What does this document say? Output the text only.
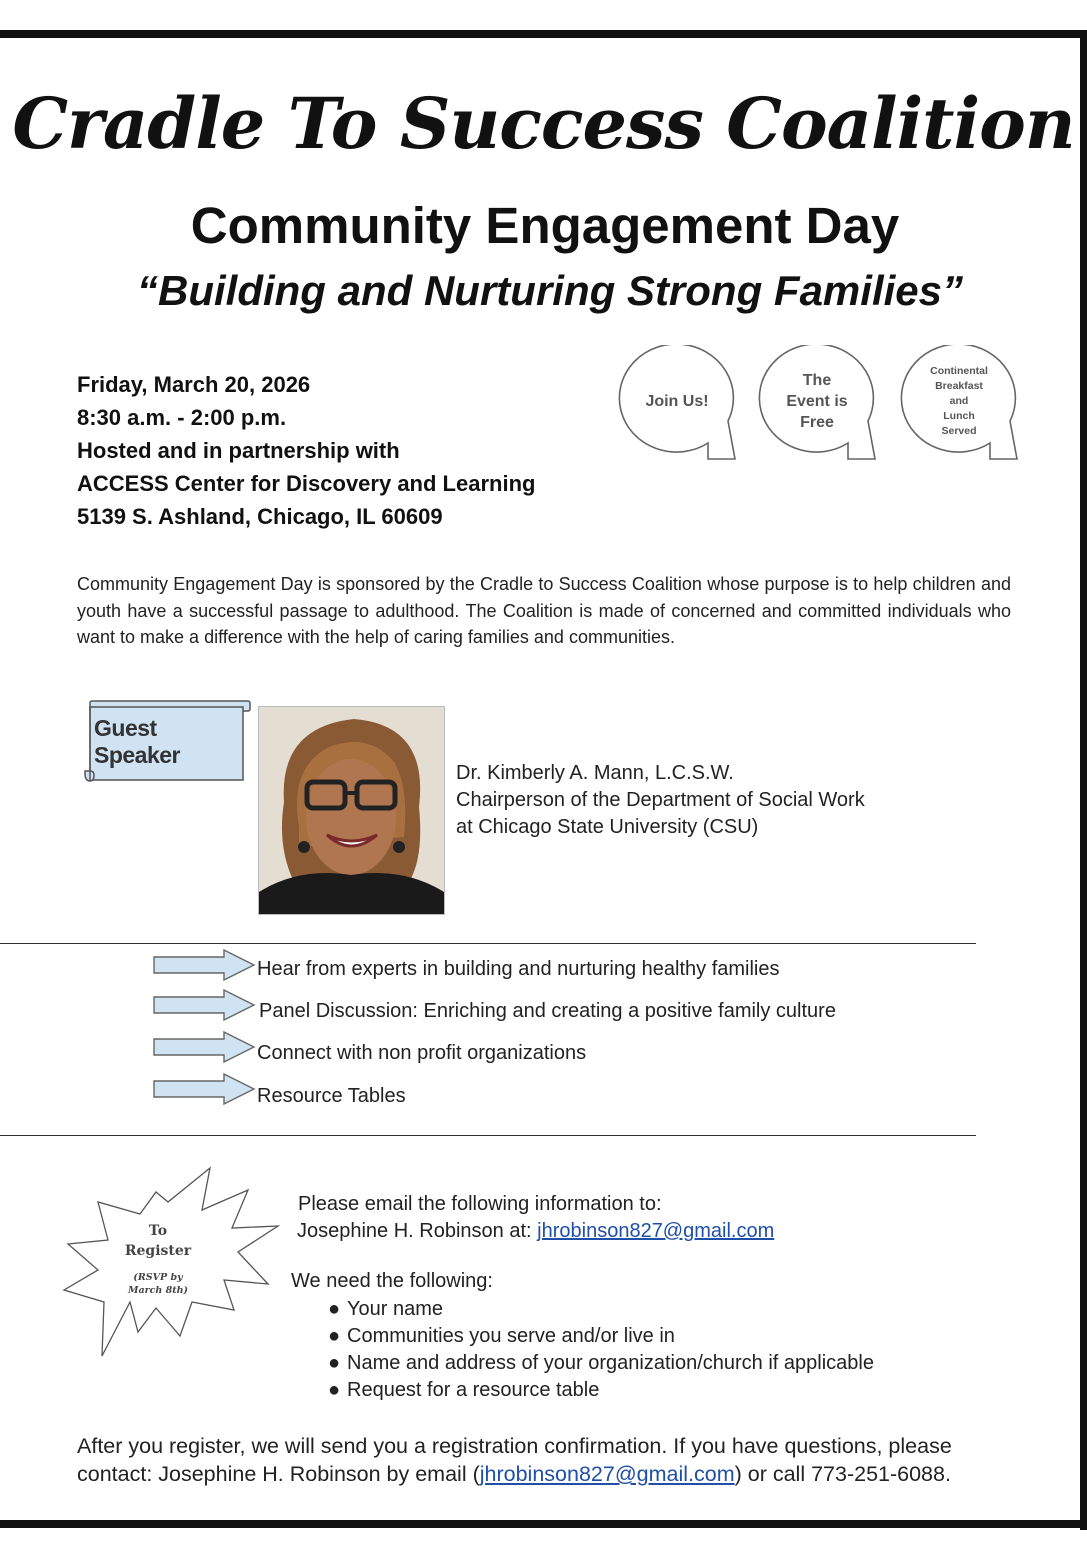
Cradle To Success Coalition
Community Engagement Day
“Building and Nurturing Strong Families”
Friday, March 20, 2026
8:30 a.m. - 2:00 p.m.
Hosted and in partnership with
ACCESS Center for Discovery and Learning
5139 S. Ashland, Chicago, IL 60609
Join Us!
The
Event is
Free
Continental
Breakfast
and
Lunch
Served
Community Engagement Day is sponsored by the Cradle to Success Coalition whose purpose is to help children and youth have a successful passage to adulthood. The Coalition is made of concerned and committed individuals who want to make a difference with the help of caring families and communities.
Guest Speaker
Dr. Kimberly A. Mann, L.C.S.W.
Chairperson of the Department of Social Work
at Chicago State University (CSU)
Hear from experts in building and nurturing healthy families
Panel Discussion: Enriching and creating a positive family culture
Connect with non profit organizations
Resource Tables
To
Register
(RSVP by
March 8th)
Please email the following information to:
Josephine H. Robinson at: jhrobinson827@gmail.com
We need the following:
● Your name
● Communities you serve and/or live in
● Name and address of your organization/church if applicable
● Request for a resource table
After you register, we will send you a registration confirmation. If you have questions, please contact: Josephine H. Robinson by email (jhrobinson827@gmail.com) or call 773-251-6088.
